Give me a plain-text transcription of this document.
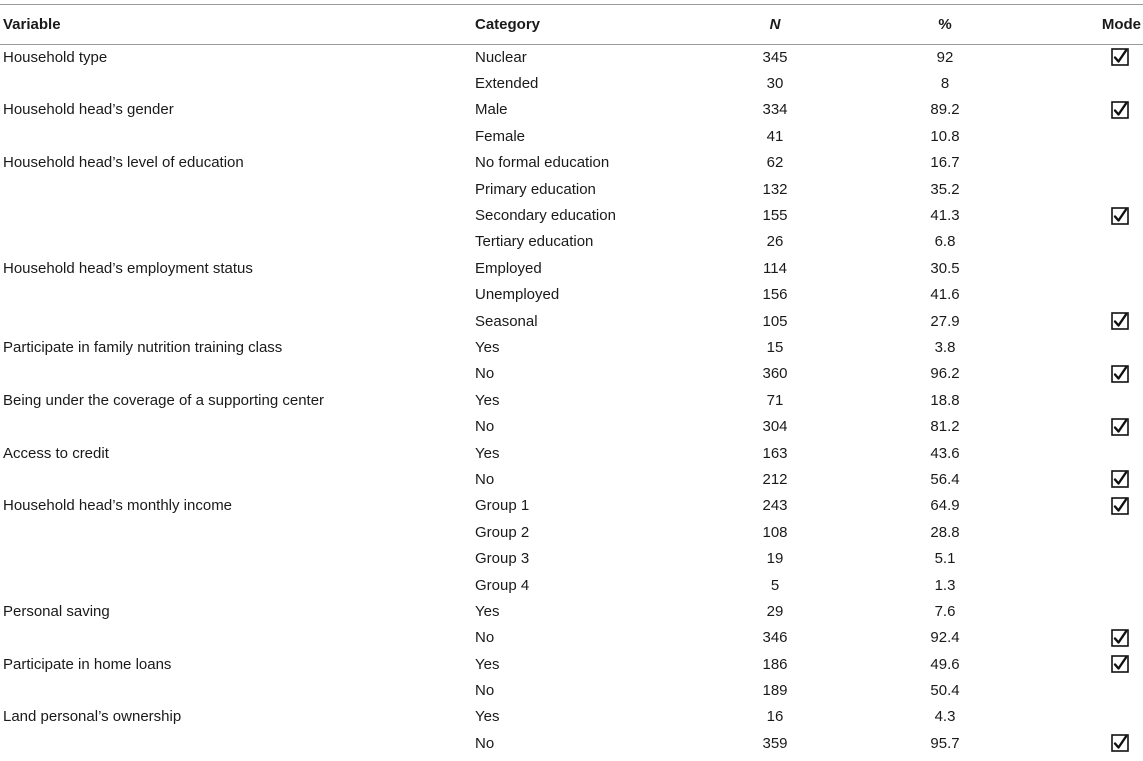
Variable	Category	N	%	Mode
Household type	Nuclear	345	92	
	Extended	30	8	
Household head’s gender	Male	334	89.2	
	Female	41	10.8	
Household head’s level of education	No formal education	62	16.7	
	Primary education	132	35.2	
	Secondary education	155	41.3	
	Tertiary education	26	6.8	
Household head’s employment status	Employed	114	30.5	
	Unemployed	156	41.6	
	Seasonal	105	27.9	
Participate in family nutrition training class	Yes	15	3.8	
	No	360	96.2	
Being under the coverage of a supporting center	Yes	71	18.8	
	No	304	81.2	
Access to credit	Yes	163	43.6	
	No	212	56.4	
Household head’s monthly income	Group 1	243	64.9	
	Group 2	108	28.8	
	Group 3	19	5.1	
	Group 4	5	1.3	
Personal saving	Yes	29	7.6	
	No	346	92.4	
Participate in home loans	Yes	186	49.6	
	No	189	50.4	
Land personal’s ownership	Yes	16	4.3	
	No	359	95.7	
